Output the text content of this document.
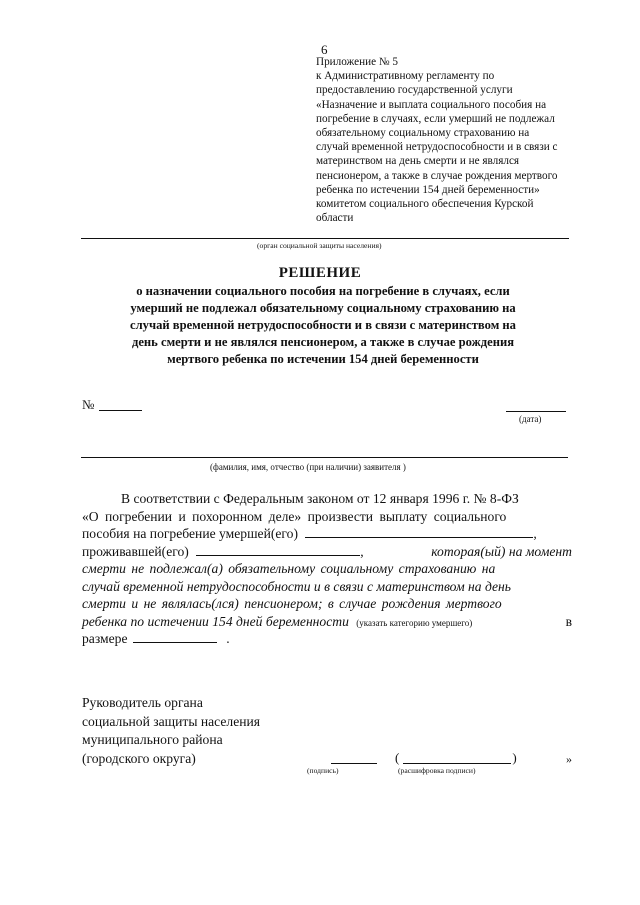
6
Приложение № 5
к Административному регламенту по
предоставлению государственной услуги
«Назначение и выплата социального пособия на
погребение в случаях, если умерший не подлежал
обязательному социальному страхованию на
случай временной нетрудоспособности и в связи с
материнством на день смерти и не являлся
пенсионером, а также в случае рождения мертвого
ребенка по истечении 154 дней беременности»
комитетом социального обеспечения Курской
области
(орган социальной защиты населения)
РЕШЕНИЕ
о назначении социального пособия на погребение в случаях, если
умерший не подлежал обязательному социальному страхованию на
случай временной нетрудоспособности и в связи с материнством на
день смерти и не являлся пенсионером, а также в случае рождения
мертвого ребенка по истечении 154 дней беременности
№
(дата)
(фамилия, имя, отчество (при наличии) заявителя )
В соответствии с Федеральным законом от 12 января 1996 г. № 8-ФЗ
«О погребении и похоронном деле» произвести выплату социального
пособия на погребение умершей(его)	,
проживавшей(его)	,	которая(ый) на момент
смерти не подлежал(а) обязательному социальному страхованию на
случай временной нетрудоспособности и в связи с материнством на день
смерти и не являлась(лся) пенсионером; в случае рождения мертвого
ребенка по истечении 154 дней беременности (указать категорию умершего)	в
размере	.
Руководитель органа
социальной защиты населения
муниципального района
(городского округа)
(подпись)
(	)
(расшифровка подписи)
»
